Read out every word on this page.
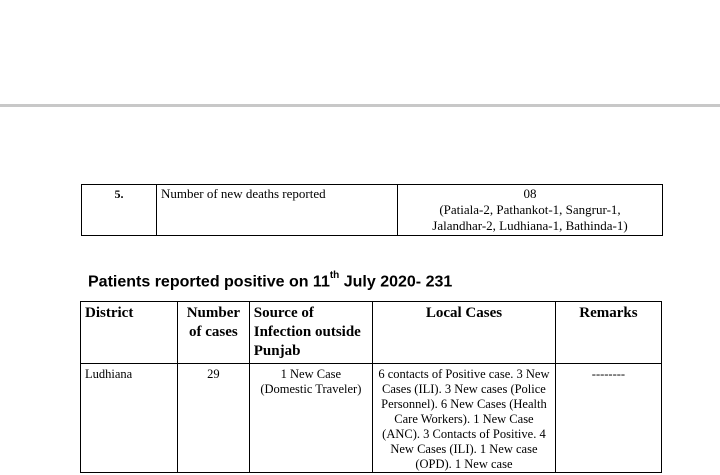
5.	Number of new deaths reported	08
(Patiala-2, Pathankot-1, Sangrur-1,
Jalandhar-2, Ludhiana-1, Bathinda-1)
Patients reported positive on 11th July 2020- 231
District	Number of cases	Source of Infection outside Punjab	Local Cases	Remarks
Ludhiana	29	1 New Case (Domestic Traveler)	6 contacts of Positive case. 3 New Cases (ILI). 3 New cases (Police Personnel). 6 New Cases (Health Care Workers). 1 New Case (ANC). 3 Contacts of Positive. 4 New Cases (ILI). 1 New case (OPD). 1 New case	--------
